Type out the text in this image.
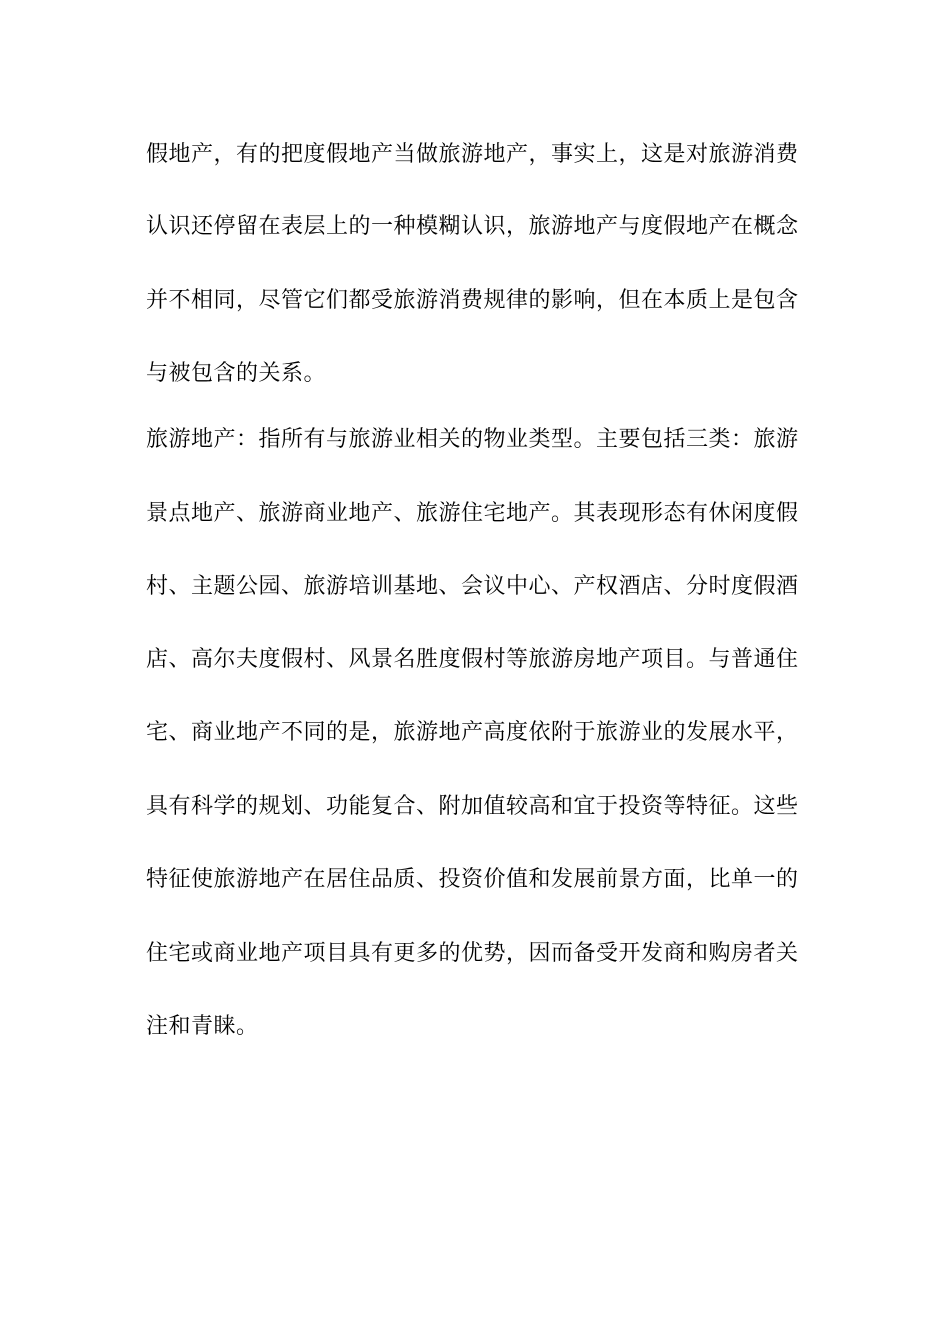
假地产，有的把度假地产当做旅游地产，事实上，这是对旅游消费
认识还停留在表层上的一种模糊认识，旅游地产与度假地产在概念
并不相同，尽管它们都受旅游消费规律的影响，但在本质上是包含
与被包含的关系。
旅游地产：指所有与旅游业相关的物业类型。主要包括三类：旅游
景点地产、旅游商业地产、旅游住宅地产。其表现形态有休闲度假
村、主题公园、旅游培训基地、会议中心、产权酒店、分时度假酒
店、高尔夫度假村、风景名胜度假村等旅游房地产项目。与普通住
宅、商业地产不同的是，旅游地产高度依附于旅游业的发展水平，
具有科学的规划、功能复合、附加值较高和宜于投资等特征。这些
特征使旅游地产在居住品质、投资价值和发展前景方面，比单一的
住宅或商业地产项目具有更多的优势，因而备受开发商和购房者关
注和青睐。
